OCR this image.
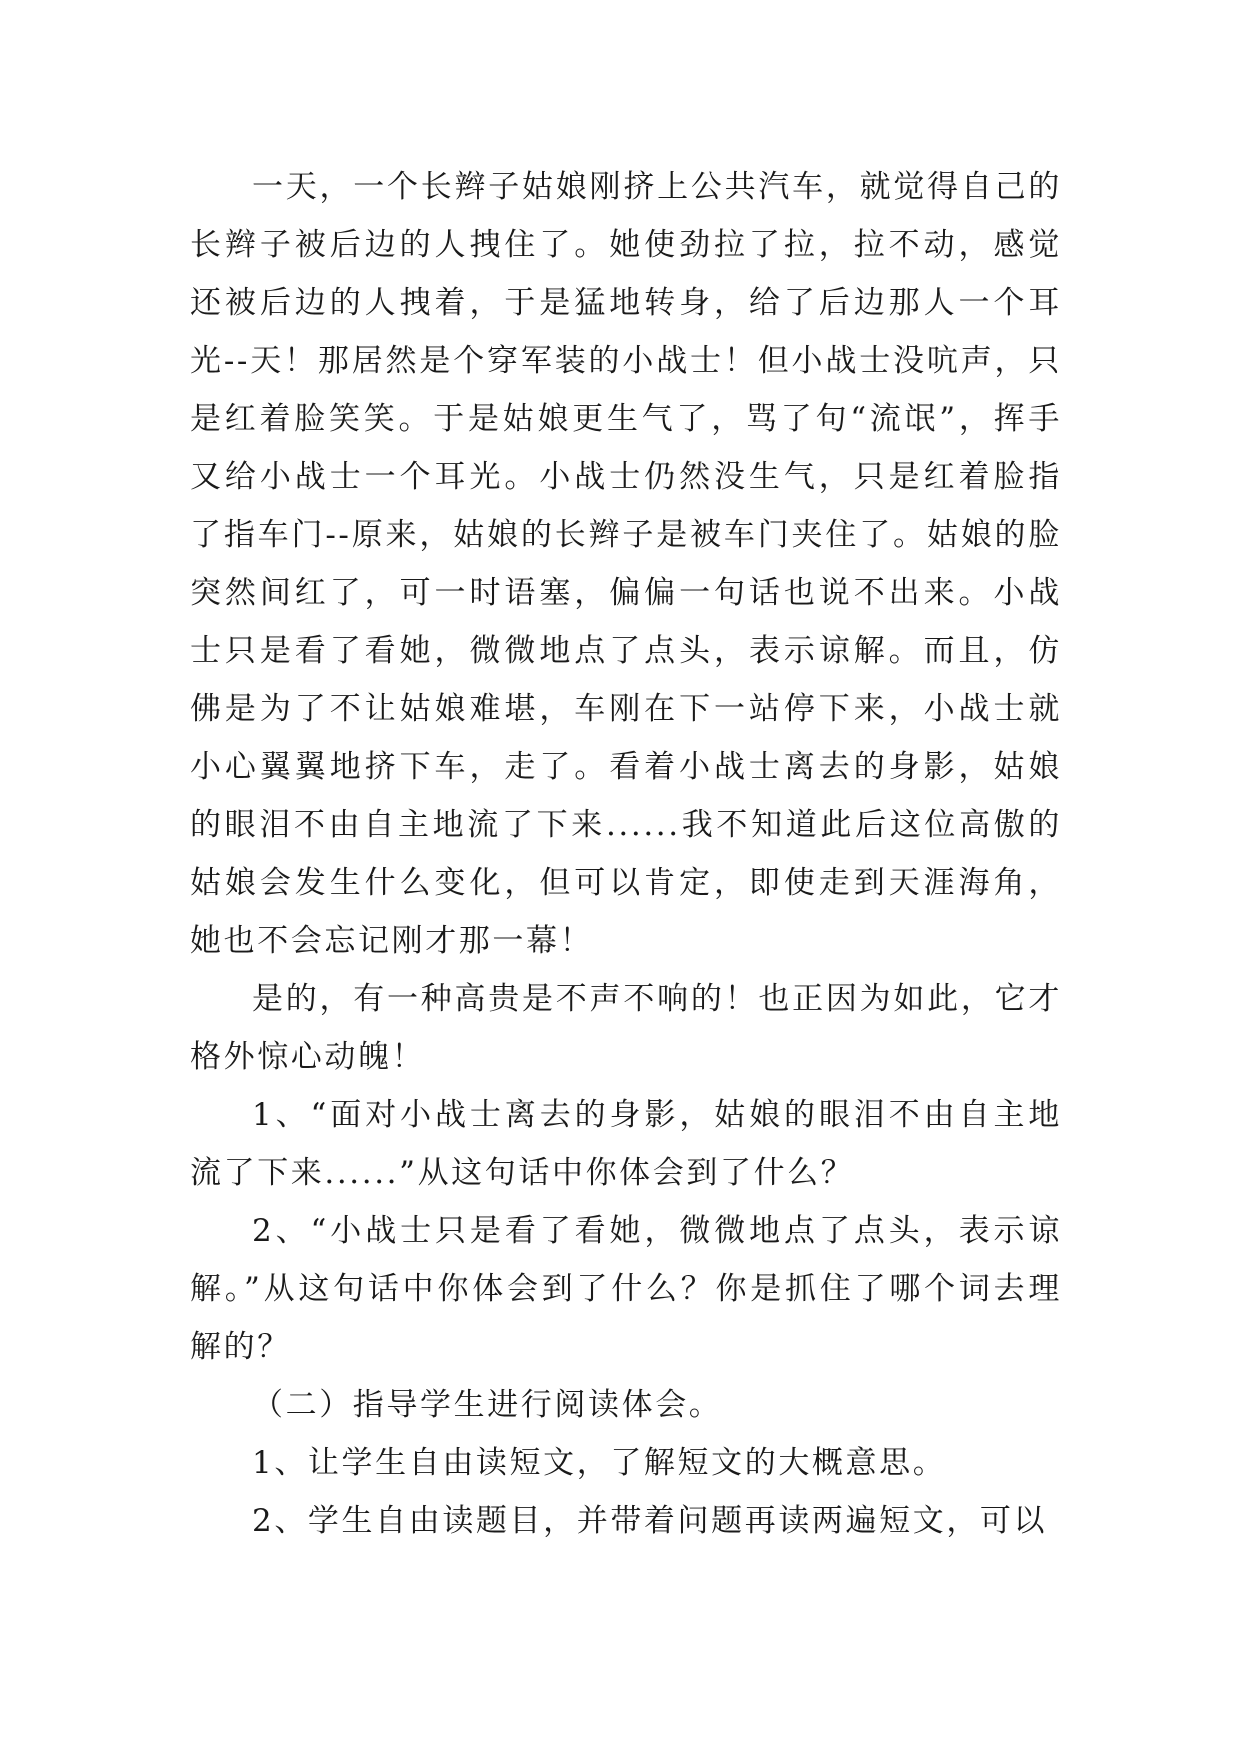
一天，一个长辫子姑娘刚挤上公共汽车，就觉得自己的长辫子被后边的人拽住了。她使劲拉了拉，拉不动，感觉还被后边的人拽着，于是猛地转身，给了后边那人一个耳光--天！那居然是个穿军装的小战士！但小战士没吭声，只是红着脸笑笑。于是姑娘更生气了，骂了句“流氓”，挥手又给小战士一个耳光。小战士仍然没生气，只是红着脸指了指车门--原来，姑娘的长辫子是被车门夹住了。姑娘的脸突然间红了，可一时语塞，偏偏一句话也说不出来。小战士只是看了看她，微微地点了点头，表示谅解。而且，仿佛是为了不让姑娘难堪，车刚在下一站停下来，小战士就小心翼翼地挤下车，走了。看着小战士离去的身影，姑娘的眼泪不由自主地流了下来......我不知道此后这位高傲的姑娘会发生什么变化，但可以肯定，即使走到天涯海角，她也不会忘记刚才那一幕！

是的，有一种高贵是不声不响的！也正因为如此，它才格外惊心动魄！

1、“面对小战士离去的身影，姑娘的眼泪不由自主地流了下来......”从这句话中你体会到了什么？

2、“小战士只是看了看她，微微地点了点头，表示谅解。”从这句话中你体会到了什么？你是抓住了哪个词去理解的？

（二）指导学生进行阅读体会。

1、让学生自由读短文，了解短文的大概意思。

2、学生自由读题目，并带着问题再读两遍短文，可以
